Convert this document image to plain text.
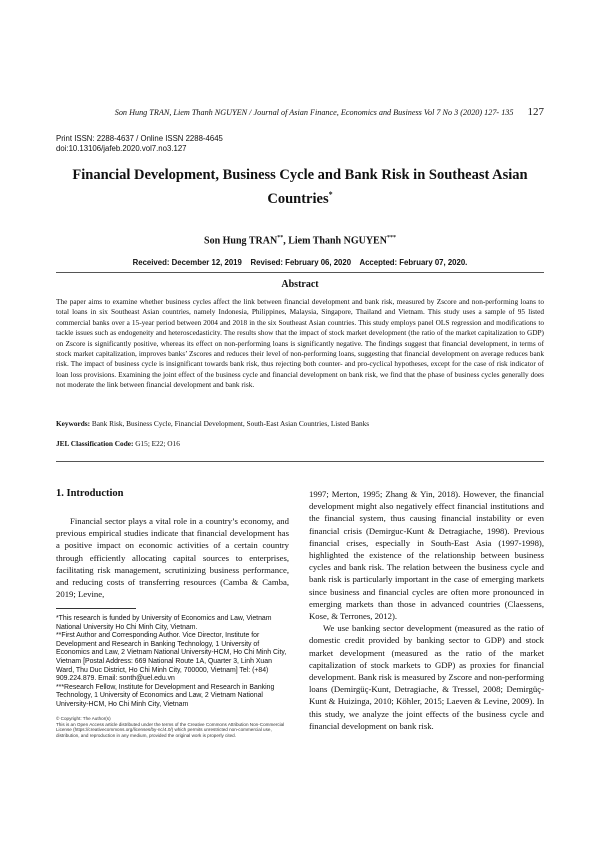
Son Hung TRAN, Liem Thanh NGUYEN / Journal of Asian Finance, Economics and Business Vol 7 No 3 (2020) 127- 135 127
Print ISSN: 2288-4637 / Online ISSN 2288-4645
doi:10.13106/jafeb.2020.vol7.no3.127
Financial Development, Business Cycle and Bank Risk in Southeast Asian Countries*
Son Hung TRAN**, Liem Thanh NGUYEN***
Received: December 12, 2019    Revised: February 06, 2020    Accepted: February 07, 2020.
Abstract
The paper aims to examine whether business cycles affect the link between financial development and bank risk, measured by Zscore and non-performing loans to total loans in six Southeast Asian countries, namely Indonesia, Philippines, Malaysia, Singapore, Thailand and Vietnam. This study uses a sample of 95 listed commercial banks over a 15-year period between 2004 and 2018 in the six Southeast Asian countries. This study employs panel OLS regression and modifications to tackle issues such as endogeneity and heteroscedasticity. The results show that the impact of stock market development (the ratio of the market capitalization to GDP) on Zscore is significantly positive, whereas its effect on non-performing loans is significantly negative. The findings suggest that financial development, in terms of stock market capitalization, improves banks’ Zscores and reduces their level of non-performing loans, suggesting that financial development on average reduces bank risk. The impact of business cycle is insignificant towards bank risk, thus rejecting both counter- and pro-cyclical hypotheses, except for the case of risk indicator of loan loss provisions. Examining the joint effect of the business cycle and financial development on bank risk, we find that the phase of business cycles generally does not moderate the link between financial development and bank risk.
Keywords: Bank Risk, Business Cycle, Financial Development, South-East Asian Countries, Listed Banks
JEL Classification Code: G15; E22; O16
1. Introduction

Financial sector plays a vital role in a country’s economy, and previous empirical studies indicate that financial development has a positive impact on economic activities of a certain country through efficiently allocating capital sources to enterprises, facilitating risk management, scrutinizing business performance, and reducing costs of transferring resources (Camba & Camba, 2019; Levine,

*This research is funded by University of Economics and Law, Vietnam National University Ho Chi Minh City, Vietnam.
**First Author and Corresponding Author. Vice Director, Institute for Development and Research in Banking Technology, 1 University of Economics and Law, 2 Vietnam National University-HCM, Ho Chi Minh City, Vietnam [Postal Address: 669 National Route 1A, Quarter 3, Linh Xuan Ward, Thu Duc District, Ho Chi Minh City, 700000, Vietnam] Tel: (+84) 909.224.879. Email: sonth@uel.edu.vn
***Research Fellow, Institute for Development and Research in Banking Technology, 1 University of Economics and Law, 2 Vietnam National University-HCM, Ho Chi Minh City, Vietnam
© Copyright: The Author(s)
This is an Open Access article distributed under the terms of the Creative Commons Attribution Non-Commercial License (https://creativecommons.org/licenses/by-nc/4.0/) which permits unrestricted non-commercial use, distribution, and reproduction in any medium, provided the original work is properly cited.

1997; Merton, 1995; Zhang & Yin, 2018). However, the financial development might also negatively effect financial institutions and the financial system, thus causing financial instability or even financial crisis (Demirguc-Kunt & Detragiache, 1998). Previous financial crises, especially in South-East Asia (1997-1998), highlighted the existence of the relationship between business cycles and bank risk. The relation between the business cycle and bank risk is particularly important in the case of emerging markets since business and financial cycles are often more pronounced in emerging markets than those in advanced countries (Claessens, Kose, & Terrones, 2012).

We use banking sector development (measured as the ratio of domestic credit provided by banking sector to GDP) and stock market development (measured as the ratio of the market capitalization of stock markets to GDP) as proxies for financial development. Bank risk is measured by Zscore and non-performing loans (Demirgüç-Kunt, Detragiache, & Tressel, 2008; Demirgüç-Kunt & Huizinga, 2010; Köhler, 2015; Laeven & Levine, 2009). In this study, we analyze the joint effects of the business cycle and financial development on bank risk.
